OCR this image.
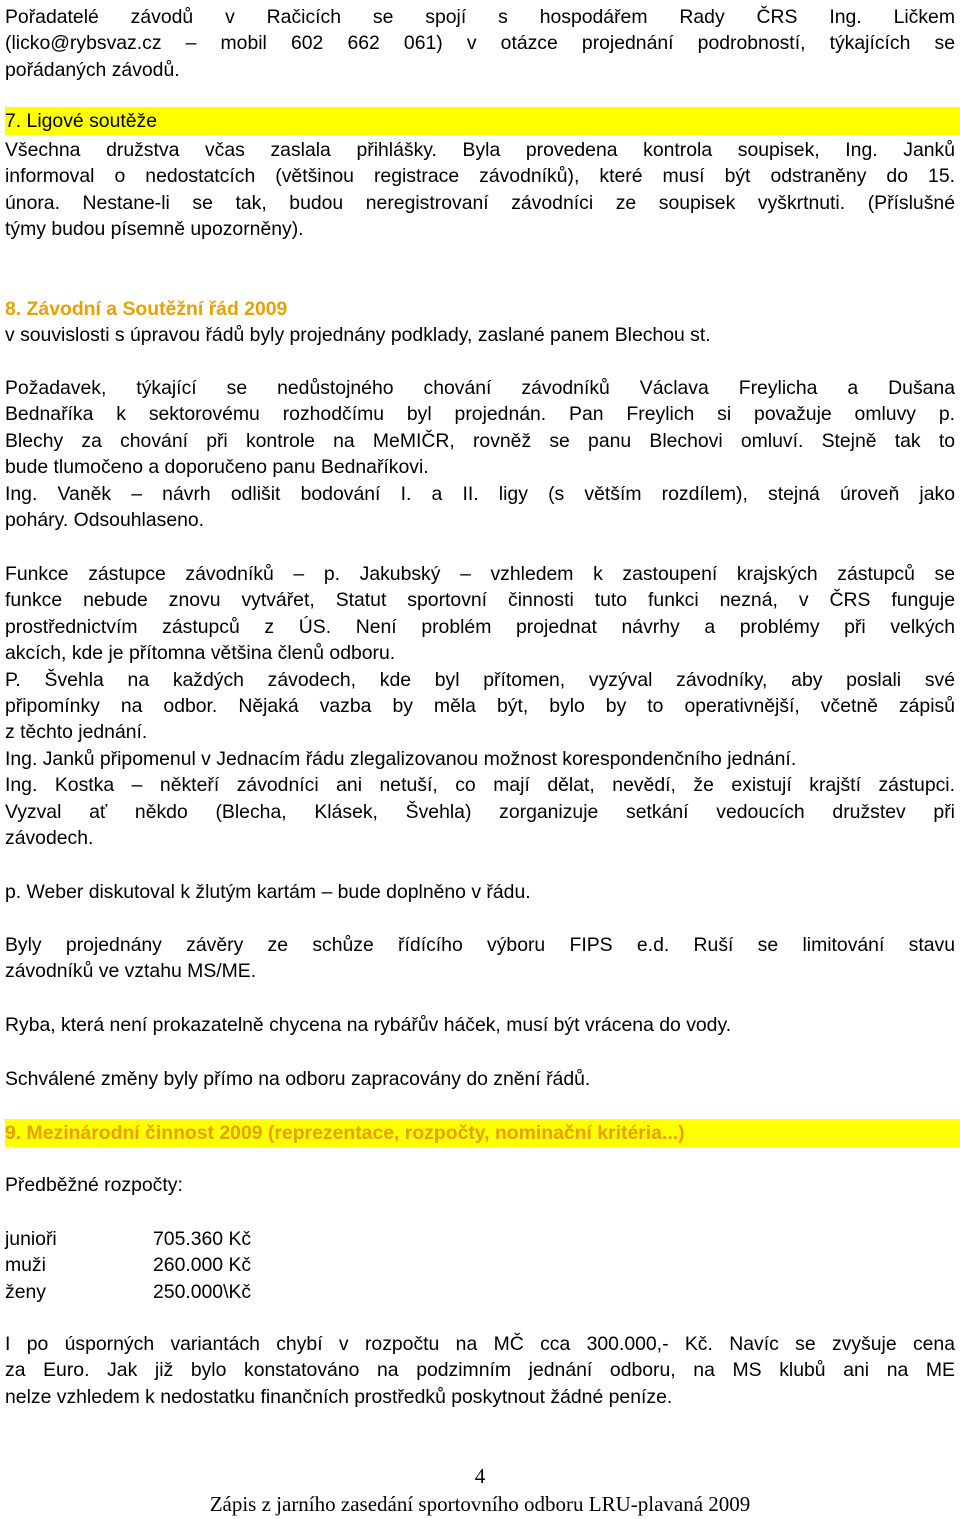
Pořadatelé závodů v Račicích se spojí s hospodářem Rady ČRS Ing. Ličkem
(licko@rybsvaz.cz – mobil 602 662 061) v otázce projednání podrobností, týkajících se
pořádaných závodů.
7. Ligové soutěže
Všechna družstva včas zaslala přihlášky. Byla provedena kontrola soupisek, Ing. Janků
informoval o nedostatcích (většinou registrace závodníků), které musí být odstraněny do 15.
února. Nestane-li se tak, budou neregistrovaní závodníci ze soupisek vyškrtnuti. (Příslušné
týmy budou písemně upozorněny).
8. Závodní a Soutěžní řád 2009
v souvislosti s úpravou řádů byly projednány podklady, zaslané panem Blechou st.
Požadavek, týkající se nedůstojného chování závodníků Václava Freylicha a Dušana
Bednaříka k sektorovému rozhodčímu byl projednán. Pan Freylich si považuje omluvy p.
Blechy za chování při kontrole na MeMIČR, rovněž se panu Blechovi omluví. Stejně tak to
bude tlumočeno a doporučeno panu Bednaříkovi.
Ing. Vaněk – návrh odlišit bodování I. a II. ligy (s větším rozdílem), stejná úroveň jako
poháry. Odsouhlaseno.
Funkce zástupce závodníků – p. Jakubský – vzhledem k zastoupení krajských zástupců se
funkce nebude znovu vytvářet, Statut sportovní činnosti tuto funkci nezná, v ČRS funguje
prostřednictvím zástupců z ÚS. Není problém projednat návrhy a problémy při velkých
akcích, kde je přítomna většina členů odboru.
P. Švehla na každých závodech, kde byl přítomen, vyzýval závodníky, aby poslali své
připomínky na odbor. Nějaká vazba by měla být, bylo by to operativnější, včetně zápisů
z těchto jednání.
Ing. Janků připomenul v Jednacím řádu zlegalizovanou možnost korespondenčního jednání.
Ing. Kostka – někteří závodníci ani netuší, co mají dělat, nevědí, že existují krajští zástupci.
Vyzval ať někdo (Blecha, Klásek, Švehla) zorganizuje setkání vedoucích družstev při
závodech.
p. Weber diskutoval k žlutým kartám – bude doplněno v řádu.
Byly projednány závěry ze schůze řídícího výboru FIPS e.d. Ruší se limitování stavu
závodníků ve vztahu MS/ME.
Ryba, která není prokazatelně chycena na rybářův háček, musí být vrácena do vody.
Schválené změny byly přímo na odboru zapracovány do znění řádů.
9. Mezinárodní činnost 2009 (reprezentace, rozpočty, nominační kritéria...)
Předběžné rozpočty:
junioři	705.360 Kč
muži	260.000 Kč
ženy	250.000\Kč
I po úsporných variantách chybí v rozpočtu na MČ cca 300.000,- Kč. Navíc se zvyšuje cena
za Euro. Jak již bylo konstatováno na podzimním jednání odboru, na MS klubů ani na ME
nelze vzhledem k nedostatku finančních prostředků poskytnout žádné peníze.
4
Zápis z jarního zasedání sportovního odboru LRU-plavaná 2009
